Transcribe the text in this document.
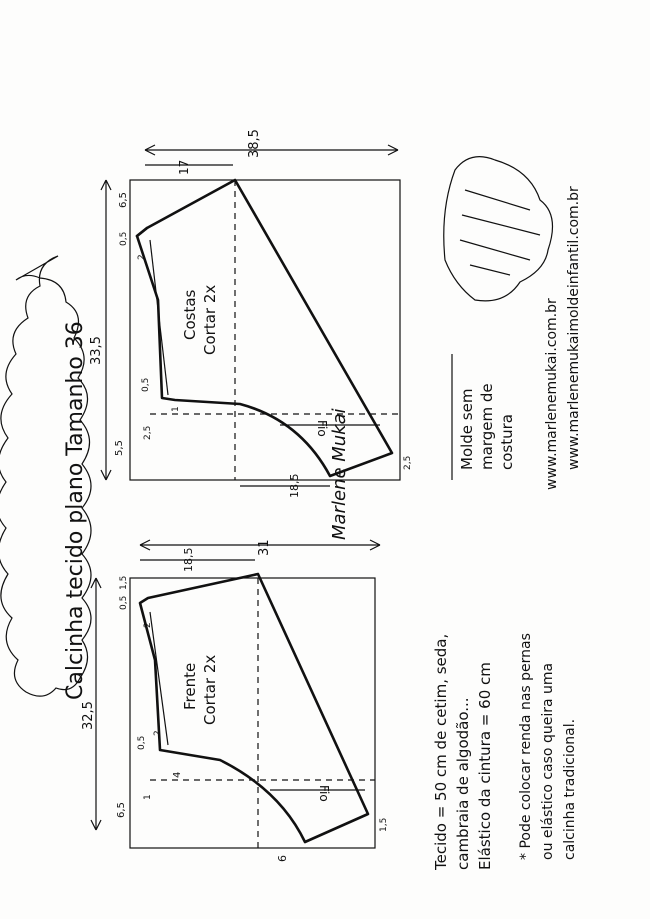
Calcinha tecido plano Tamanho 36	Fio
Costas Cortar 2x
38,5
17
33,5
6,5
0,5
2
0,5
1
2,5
5,5
2,5
18,5
Fio
Frente Cortar 2x
31
18,5
32,5
1,5
0,5
2
0,5
2
4
1
6,5
1,5
6
Molde sem margem de costura
Tecido = 50 cm de cetim, seda, cambraia de algodão... Elástico da cintura = 60 cm * Pode colocar renda nas pernas ou elástico caso queira uma calcinha tradicional.
Marlene Mukai	www.marlenemukai.com.br www.marlenemukaimoldeinfantil.com.br
